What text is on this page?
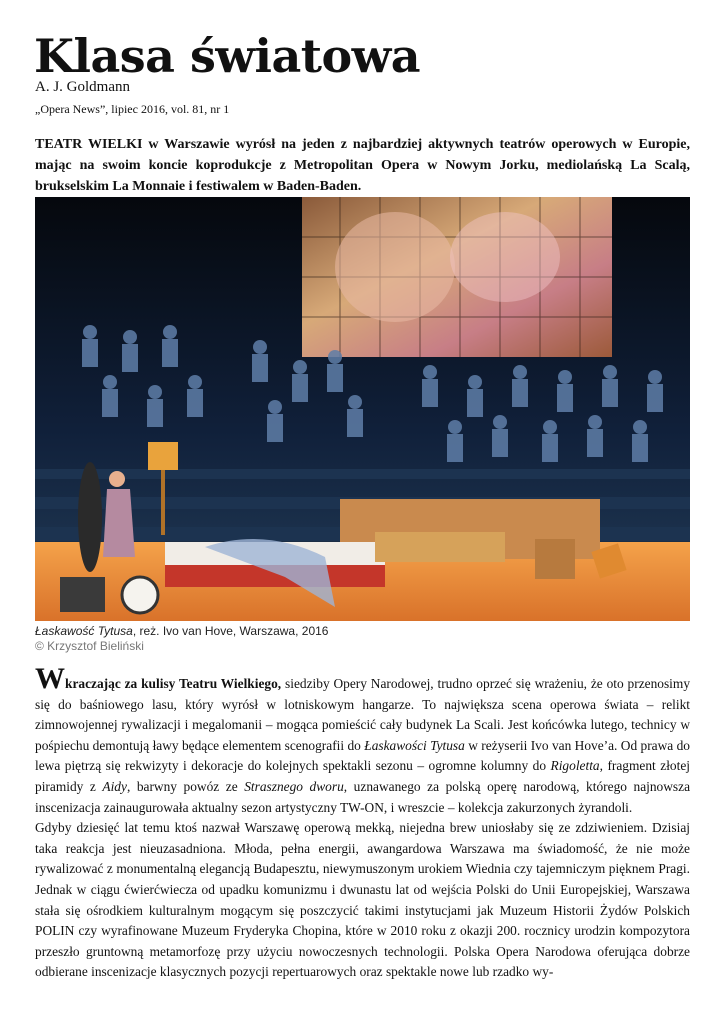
Klasa światowa
A. J. Goldmann
„Opera News”, lipiec 2016, vol. 81, nr 1

TEATR WIELKI w Warszawie wyrósł na jeden z najbardziej aktywnych teatrów operowych w Europie, mając na swoim koncie koprodukcje z Metropolitan Opera w Nowym Jorku, mediolańską La Scalą, brukselskim La Monnaie i festiwalem w Baden-Baden.

Łaskawość Tytusa, reż. Ivo van Hove, Warszawa, 2016
© Krzysztof Bieliński

Wkraczając za kulisy Teatru Wielkiego, siedziby Opery Narodowej, trudno oprzeć się wrażeniu, że oto przenosimy się do baśniowego lasu, który wyrósł w lotniskowym hangarze. To największa scena operowa świata – relikt zimnowojennej rywalizacji i megalomanii – mogąca pomieścić cały budynek La Scali. Jest końcówka lutego, technicy w pośpiechu demontują ławy będące elementem scenografii do Łaskawości Tytusa w reżyserii Ivo van Hove’a. Od prawa do lewa piętrzą się rekwizyty i dekoracje do kolejnych spektakli sezonu – ogromne kolumny do Rigoletta, fragment złotej piramidy z Aidy, barwny powóz ze Strasznego dworu, uznawanego za polską operę narodową, którego najnowsza inscenizacja zainaugurowała aktualny sezon artystyczny TW-ON, i wreszcie – kolekcja zakurzonych żyrandoli.

Gdyby dziesięć lat temu ktoś nazwał Warszawę operową mekką, niejedna brew uniosłaby się ze zdziwieniem. Dzisiaj taka reakcja jest nieuzasadniona. Młoda, pełna energii, awangardowa Warszawa ma świadomość, że nie może rywalizować z monumentalną elegancją Budapesztu, niewymuszonym urokiem Wiednia czy tajemniczym pięknem Pragi. Jednak w ciągu ćwierćwiecza od upadku komunizmu i dwunastu lat od wejścia Polski do Unii Europejskiej, Warszawa stała się ośrodkiem kulturalnym mogącym się poszczycić takimi instytucjami jak Muzeum Historii Żydów Polskich POLIN czy wyrafinowane Muzeum Fryderyka Chopina, które w 2010 roku z okazji 200. rocznicy urodzin kompozytora przeszło gruntowną metamorfozę przy użyciu nowoczesnych technologii. Polska Opera Narodowa oferująca dobrze odbierane inscenizacje klasycznych pozycji repertuarowych oraz spektakle nowe lub rzadko wy-
